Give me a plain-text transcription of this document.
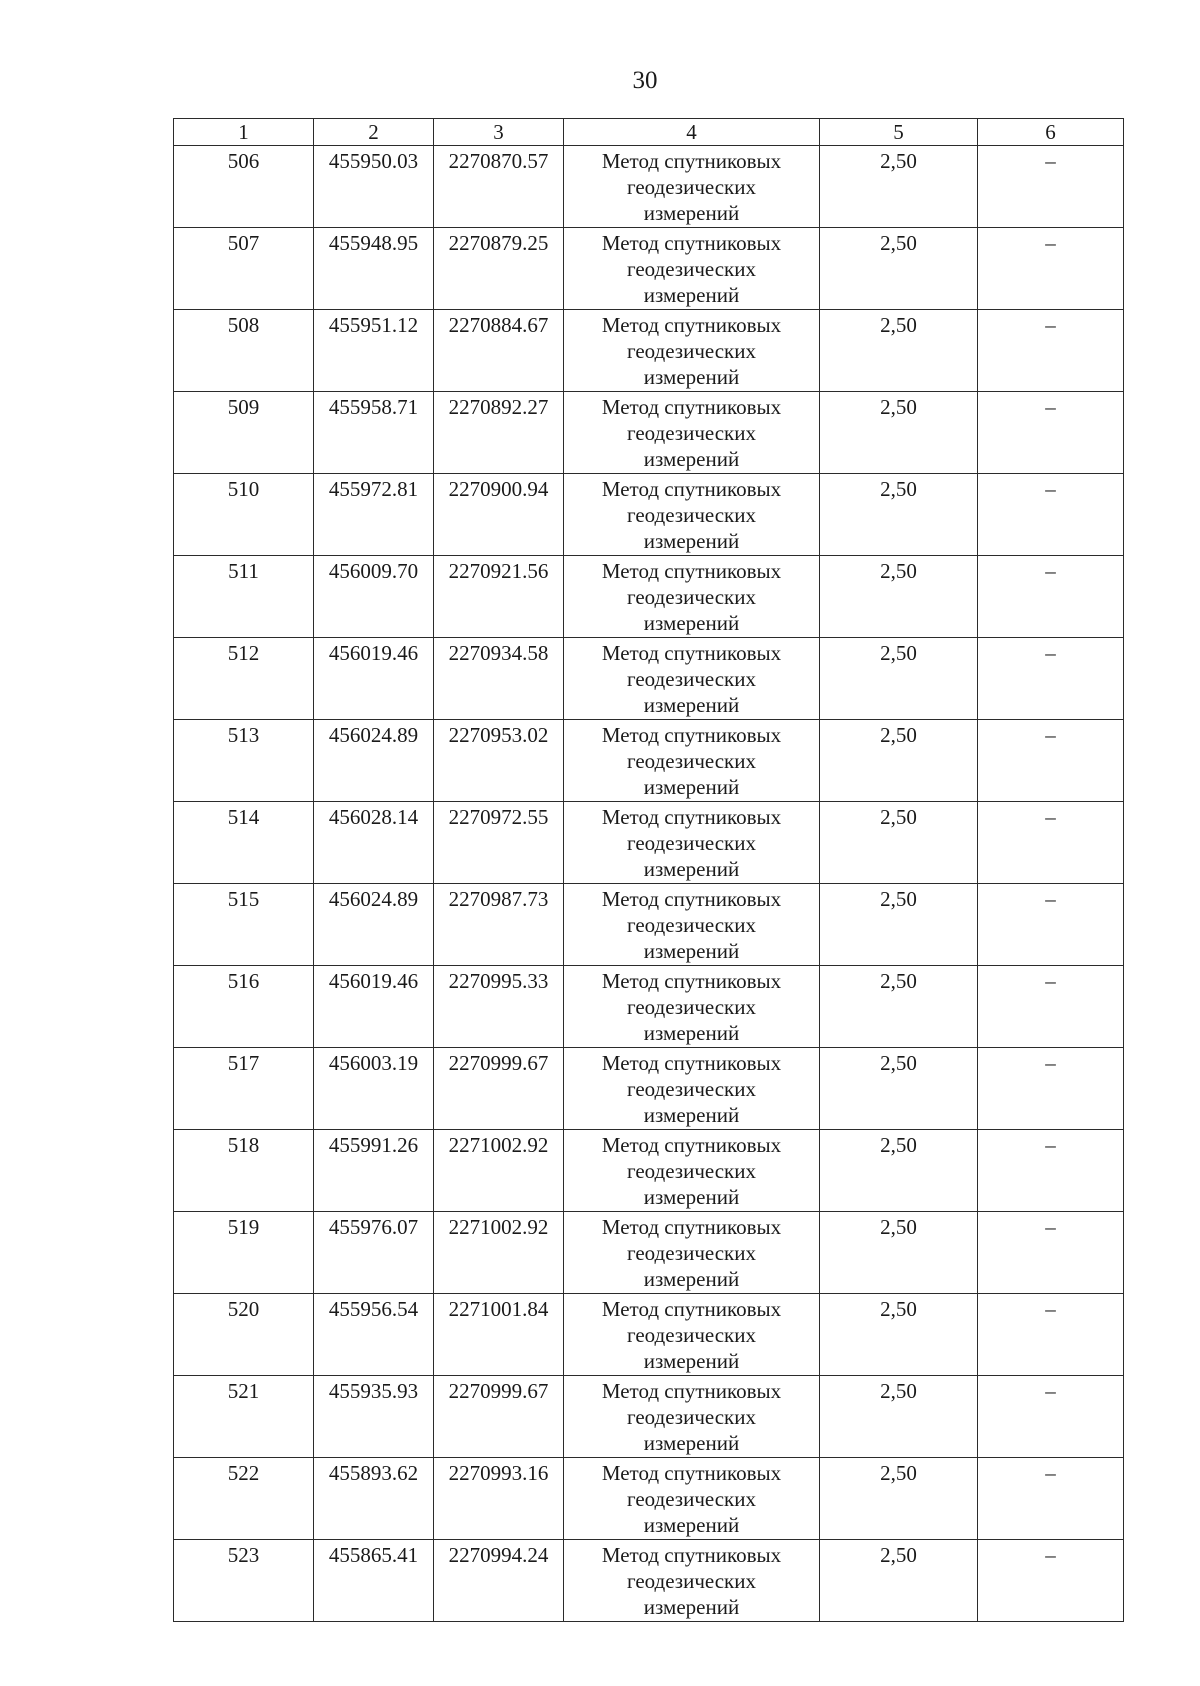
30
1	2	3	4	5	6
506	455950.03	2270870.57	Метод спутниковых
геодезических
измерений	2,50	–
507	455948.95	2270879.25	Метод спутниковых
геодезических
измерений	2,50	–
508	455951.12	2270884.67	Метод спутниковых
геодезических
измерений	2,50	–
509	455958.71	2270892.27	Метод спутниковых
геодезических
измерений	2,50	–
510	455972.81	2270900.94	Метод спутниковых
геодезических
измерений	2,50	–
511	456009.70	2270921.56	Метод спутниковых
геодезических
измерений	2,50	–
512	456019.46	2270934.58	Метод спутниковых
геодезических
измерений	2,50	–
513	456024.89	2270953.02	Метод спутниковых
геодезических
измерений	2,50	–
514	456028.14	2270972.55	Метод спутниковых
геодезических
измерений	2,50	–
515	456024.89	2270987.73	Метод спутниковых
геодезических
измерений	2,50	–
516	456019.46	2270995.33	Метод спутниковых
геодезических
измерений	2,50	–
517	456003.19	2270999.67	Метод спутниковых
геодезических
измерений	2,50	–
518	455991.26	2271002.92	Метод спутниковых
геодезических
измерений	2,50	–
519	455976.07	2271002.92	Метод спутниковых
геодезических
измерений	2,50	–
520	455956.54	2271001.84	Метод спутниковых
геодезических
измерений	2,50	–
521	455935.93	2270999.67	Метод спутниковых
геодезических
измерений	2,50	–
522	455893.62	2270993.16	Метод спутниковых
геодезических
измерений	2,50	–
523	455865.41	2270994.24	Метод спутниковых
геодезических
измерений	2,50	–
